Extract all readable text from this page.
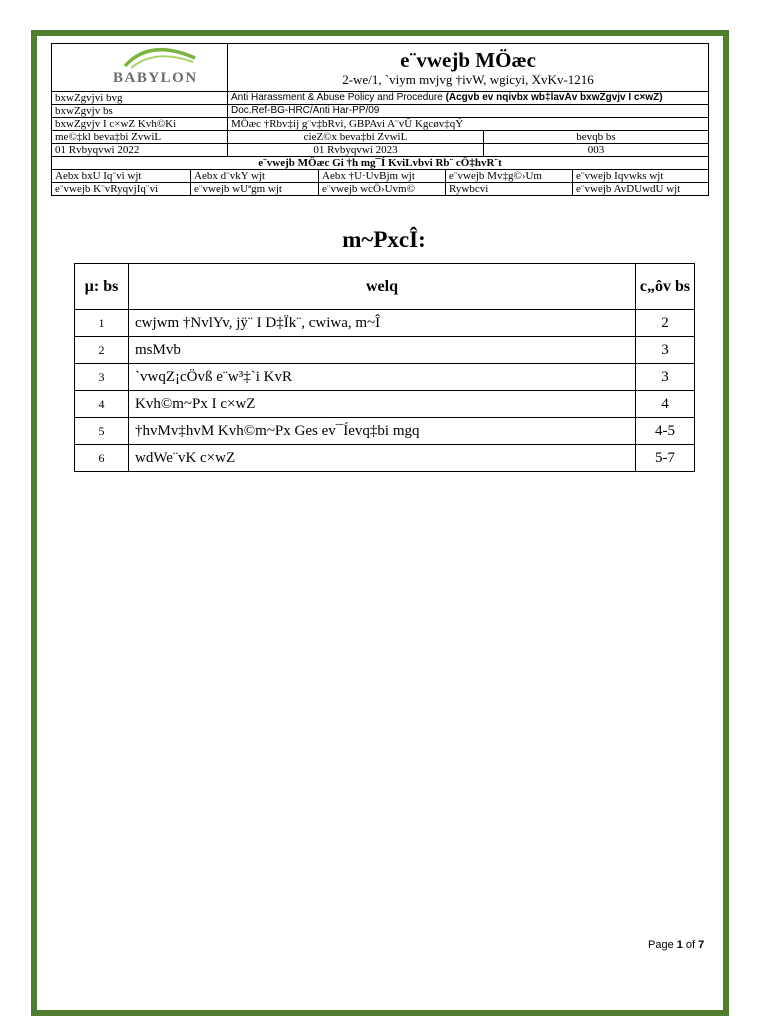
BABYLON		e¨vwejb MÖæc
2-we/1, `viym mvjvg †ivW, wgicyi, XvKv-1216				

bxwZgvjvi bvg		Anti Harassment & Abuse Policy and Procedure (Acgvb ev nqivbx wb‡lavÁv bxwZgvjv I c×wZ)				
bxwZgvjv bs		Doc.Ref-BG-HRC/Anti Har-PP/09				
bxwZgvjv I c×wZ Kvh©Ki		MÖæc †Rbv‡ij g¨v‡bRvi, GBPAvi A¨vÛ Kgcøv‡qÝ				
me©‡kl beva‡bi ZvwiL		cieZ©x beva‡bi ZvwiL			bevqb bs	
01 Rvbyqvwi 2022		01 Rvbyqvwi 2023			003	
e¨vwejb MÖæc Gi †h mg¯Í KviLvbvi Rb¨ cÖ‡hvR¨t						
Aebx bxU Iq¨vi wjt	Aebx d¨vkY wjt		Aebx †U·UvBjm wjt	e¨vwejb Mv‡g©›Um		e¨vwejb Iqvwks wjt
e¨vwejb K¨vRyqvjIq¨vi	e¨vwejb wUªgm wjt		e¨vwejb wcÖ›Uvm©	Rywbcvi		e¨vwejb AvDUwdU wjt
m~PxcÎ:
µ: bs	welq	c„ôv bs
1	cwjwm †NvlYv, jÿ¨ I D‡Ïk¨, cwiwa, m~Î	2
2	msMvb	3
3	`vwqZ¡cÖvß e¨w³‡`i KvR	3
4	Kvh©m~Px I c×wZ	4
5	†hvMv‡hvM Kvh©m~Px Ges ev¯Íevq‡bi mgq	4-5
6	wdWe¨vK c×wZ	5-7
Page 1 of 7
